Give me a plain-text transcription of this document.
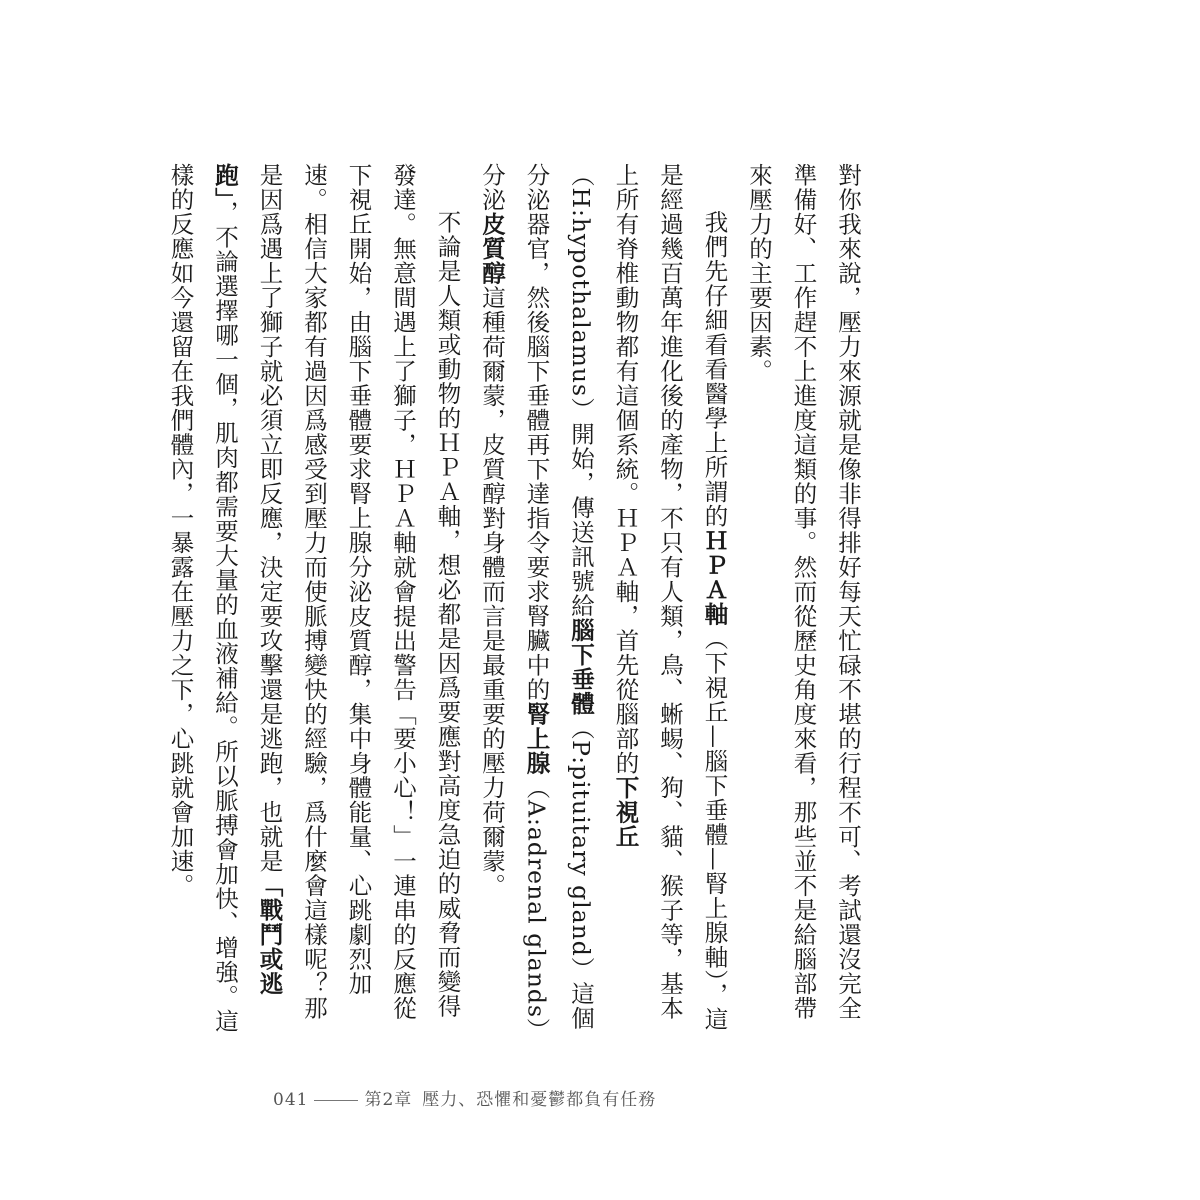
對你我來說，壓力來源就是像非得排好每天忙碌不堪的行程不可、考試還沒完全準備好、工作趕不上進度這類的事。然而從歷史角度來看，那些並不是給腦部帶來壓力的主要因素。

我們先仔細看看醫學上所謂的ＨＰＡ軸（下視丘—腦下垂體—腎上腺軸），這是經過幾百萬年進化後的產物，不只有人類，鳥、蜥蜴、狗、貓、猴子等，基本上所有脊椎動物都有這個系統。ＨＰＡ軸，首先從腦部的下視丘（H:hypothalamus）開始，傳送訊號給腦下垂體（P:pituitary gland）這個分泌器官，然後腦下垂體再下達指令要求腎臟中的腎上腺（A:adrenal glands）分泌皮質醇這種荷爾蒙，皮質醇對身體而言是最重要的壓力荷爾蒙。

不論是人類或動物的ＨＰＡ軸，想必都是因爲要應對高度急迫的威脅而變得發達。無意間遇上了獅子，ＨＰＡ軸就會提出警告「要小心！」一連串的反應從下視丘開始，由腦下垂體要求腎上腺分泌皮質醇，集中身體能量、心跳劇烈加速。相信大家都有過因爲感受到壓力而使脈搏變快的經驗，爲什麼會這樣呢？那是因爲遇上了獅子就必須立即反應，決定要攻擊還是逃跑，也就是「戰鬥或逃跑」，不論選擇哪一個，肌肉都需要大量的血液補給。所以脈搏會加快、增強。這樣的反應如今還留在我們體內，一暴露在壓力之下，心跳就會加速。

041	第2章 壓力、恐懼和憂鬱都負有任務
